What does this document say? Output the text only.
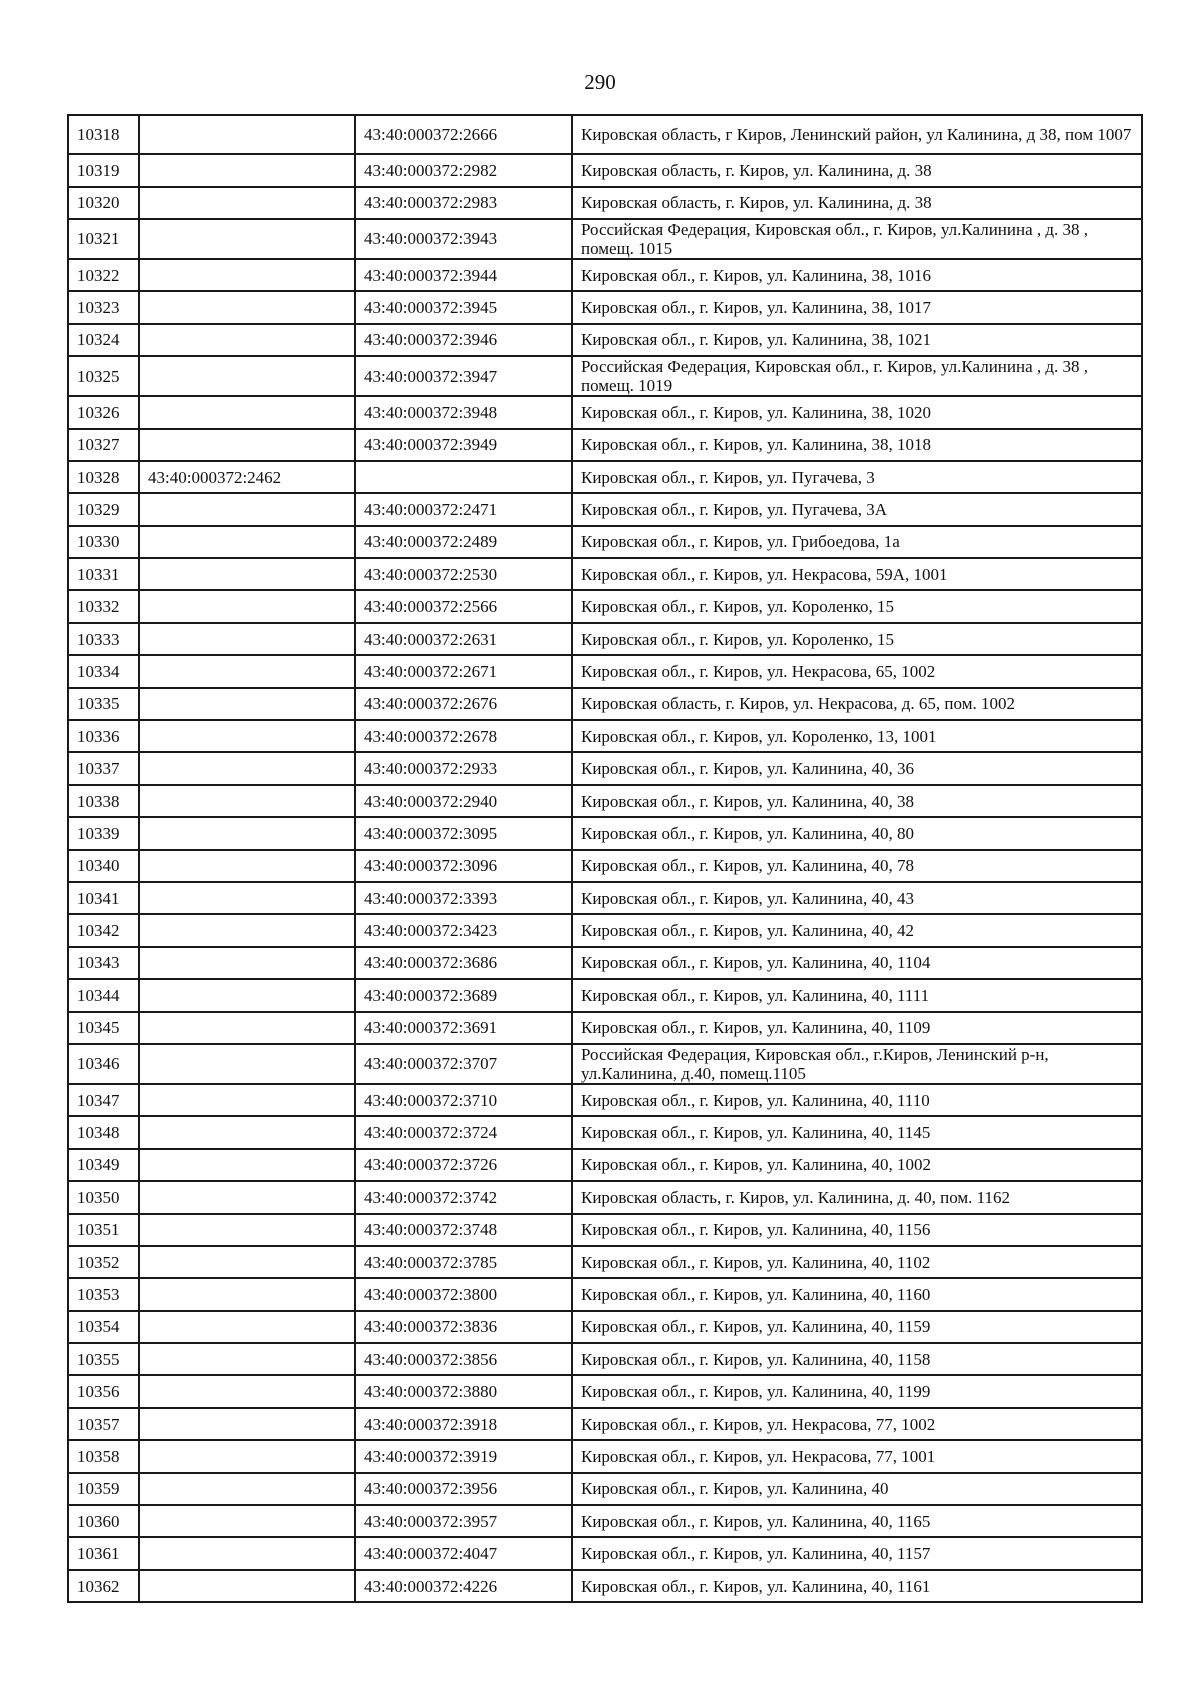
290
10318		43:40:000372:2666	Кировская область, г Киров, Ленинский район, ул Калинина, д 38, пом 1007
10319		43:40:000372:2982	Кировская область, г. Киров, ул. Калинина, д. 38
10320		43:40:000372:2983	Кировская область, г. Киров, ул. Калинина, д. 38
10321		43:40:000372:3943	Российская Федерация, Кировская обл., г. Киров, ул.Калинина , д. 38 , помещ. 1015
10322		43:40:000372:3944	Кировская обл., г. Киров, ул. Калинина, 38, 1016
10323		43:40:000372:3945	Кировская обл., г. Киров, ул. Калинина, 38, 1017
10324		43:40:000372:3946	Кировская обл., г. Киров, ул. Калинина, 38, 1021
10325		43:40:000372:3947	Российская Федерация, Кировская обл., г. Киров, ул.Калинина , д. 38 , помещ. 1019
10326		43:40:000372:3948	Кировская обл., г. Киров, ул. Калинина, 38, 1020
10327		43:40:000372:3949	Кировская обл., г. Киров, ул. Калинина, 38, 1018
10328	43:40:000372:2462		Кировская обл., г. Киров, ул. Пугачева, 3
10329		43:40:000372:2471	Кировская обл., г. Киров, ул. Пугачева, 3А
10330		43:40:000372:2489	Кировская обл., г. Киров, ул. Грибоедова, 1а
10331		43:40:000372:2530	Кировская обл., г. Киров, ул. Некрасова, 59А, 1001
10332		43:40:000372:2566	Кировская обл., г. Киров, ул. Короленко, 15
10333		43:40:000372:2631	Кировская обл., г. Киров, ул. Короленко, 15
10334		43:40:000372:2671	Кировская обл., г. Киров, ул. Некрасова, 65, 1002
10335		43:40:000372:2676	Кировская область, г. Киров, ул. Некрасова, д. 65, пом. 1002
10336		43:40:000372:2678	Кировская обл., г. Киров, ул. Короленко, 13, 1001
10337		43:40:000372:2933	Кировская обл., г. Киров, ул. Калинина, 40, 36
10338		43:40:000372:2940	Кировская обл., г. Киров, ул. Калинина, 40, 38
10339		43:40:000372:3095	Кировская обл., г. Киров, ул. Калинина, 40, 80
10340		43:40:000372:3096	Кировская обл., г. Киров, ул. Калинина, 40, 78
10341		43:40:000372:3393	Кировская обл., г. Киров, ул. Калинина, 40, 43
10342		43:40:000372:3423	Кировская обл., г. Киров, ул. Калинина, 40, 42
10343		43:40:000372:3686	Кировская обл., г. Киров, ул. Калинина, 40, 1104
10344		43:40:000372:3689	Кировская обл., г. Киров, ул. Калинина, 40, 1111
10345		43:40:000372:3691	Кировская обл., г. Киров, ул. Калинина, 40, 1109
10346		43:40:000372:3707	Российская Федерация, Кировская обл., г.Киров, Ленинский р-н, ул.Калинина, д.40, помещ.1105
10347		43:40:000372:3710	Кировская обл., г. Киров, ул. Калинина, 40, 1110
10348		43:40:000372:3724	Кировская обл., г. Киров, ул. Калинина, 40, 1145
10349		43:40:000372:3726	Кировская обл., г. Киров, ул. Калинина, 40, 1002
10350		43:40:000372:3742	Кировская область, г. Киров, ул. Калинина, д. 40, пом. 1162
10351		43:40:000372:3748	Кировская обл., г. Киров, ул. Калинина, 40, 1156
10352		43:40:000372:3785	Кировская обл., г. Киров, ул. Калинина, 40, 1102
10353		43:40:000372:3800	Кировская обл., г. Киров, ул. Калинина, 40, 1160
10354		43:40:000372:3836	Кировская обл., г. Киров, ул. Калинина, 40, 1159
10355		43:40:000372:3856	Кировская обл., г. Киров, ул. Калинина, 40, 1158
10356		43:40:000372:3880	Кировская обл., г. Киров, ул. Калинина, 40, 1199
10357		43:40:000372:3918	Кировская обл., г. Киров, ул. Некрасова, 77, 1002
10358		43:40:000372:3919	Кировская обл., г. Киров, ул. Некрасова, 77, 1001
10359		43:40:000372:3956	Кировская обл., г. Киров, ул. Калинина, 40
10360		43:40:000372:3957	Кировская обл., г. Киров, ул. Калинина, 40, 1165
10361		43:40:000372:4047	Кировская обл., г. Киров, ул. Калинина, 40, 1157
10362		43:40:000372:4226	Кировская обл., г. Киров, ул. Калинина, 40, 1161
